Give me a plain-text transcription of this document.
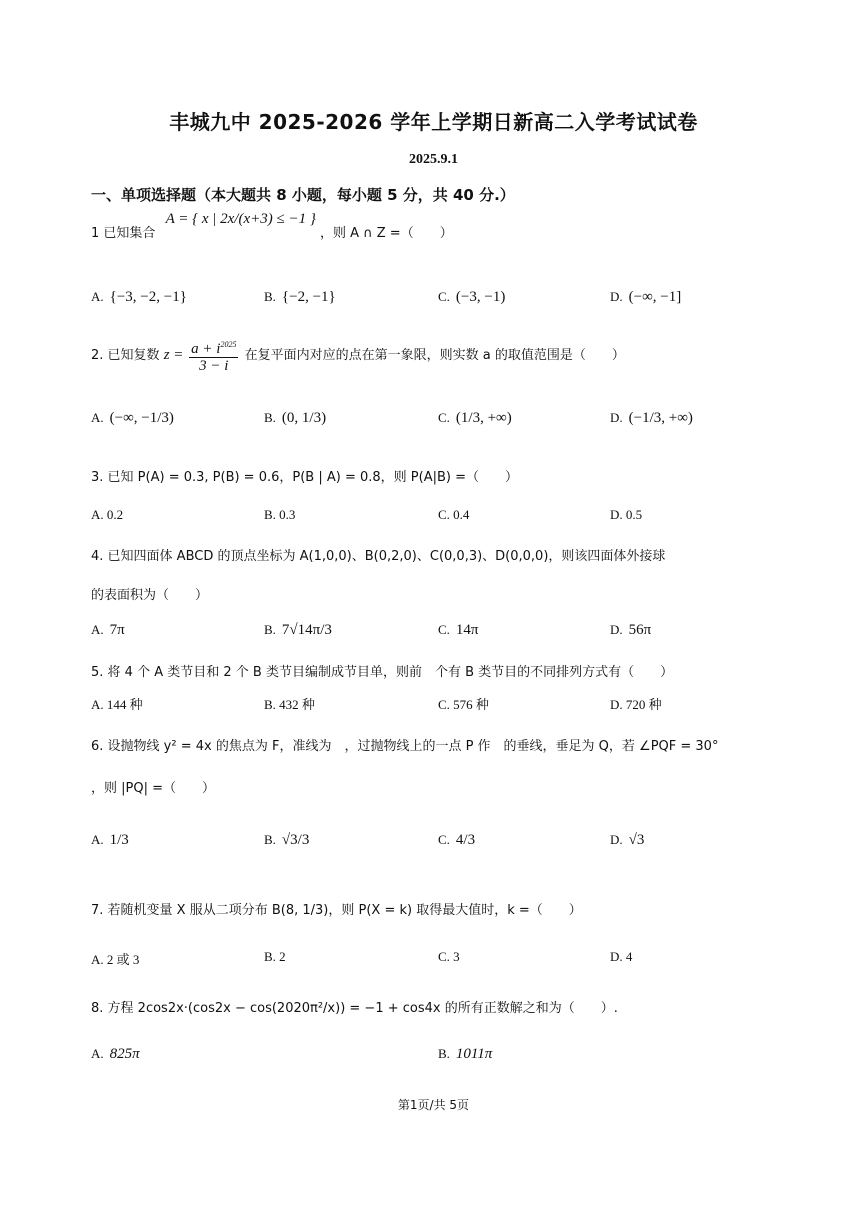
丰城九中 2025-2026 学年上学期日新高二入学考试试卷
2025.9.1
一、单项选择题（本大题共 8 小题，每小题 5 分，共 40 分.）
1 已知集合 A = { x | 2x/(x+3) ≤ −1 } ，则 A ∩ Z =（　　）
A. {−3, −2, −1}	B. {−2, −1}	C. (−3, −1)	D. (−∞, −1]
2. 已知复数 $z = \frac{a + i^{2025}}{3 - i}$ 在复平面内对应的点在第一象限，则实数 a 的取值范围是（　　）
A. (−∞, −1/3)	B. (0, 1/3)	C. (1/3, +∞)	D. (−1/3, +∞)
3. 已知 P(A) = 0.3, P(B) = 0.6，P(B | A) = 0.8，则 P(A|B) =（　　）
A. 0.2	B. 0.3	C. 0.4	D. 0.5
4. 已知四面体 ABCD 的顶点坐标为 A(1,0,0)、B(0,2,0)、C(0,0,3)、D(0,0,0)，则该四面体外接球
的表面积为（　　）
A. 7π	B. 7√14π/3	C. 14π	D. 56π
5. 将 4 个 A 类节目和 2 个 B 类节目编制成节目单，则前　个有 B 类节目的不同排列方式有（　　）
A. 144 种	B. 432 种	C. 576 种	D. 720 种
6. 设抛物线 y² = 4x 的焦点为 F，准线为　，过抛物线上的一点 P 作　的垂线，垂足为 Q，若 ∠PQF = 30°
，则 |PQ| =（　　）
A. 1/3	B. √3/3	C. 4/3	D. √3
7. 若随机变量 X 服从二项分布 B(8, 1/3)，则 P(X = k) 取得最大值时，k =（　　）
A. 2 或 3	B. 2	C. 3	D. 4
8. 方程 2cos2x·(cos2x − cos(2020π²/x)) = −1 + cos4x 的所有正数解之和为（　　）.
A. 825π	B. 1011π
第1页/共 5页
